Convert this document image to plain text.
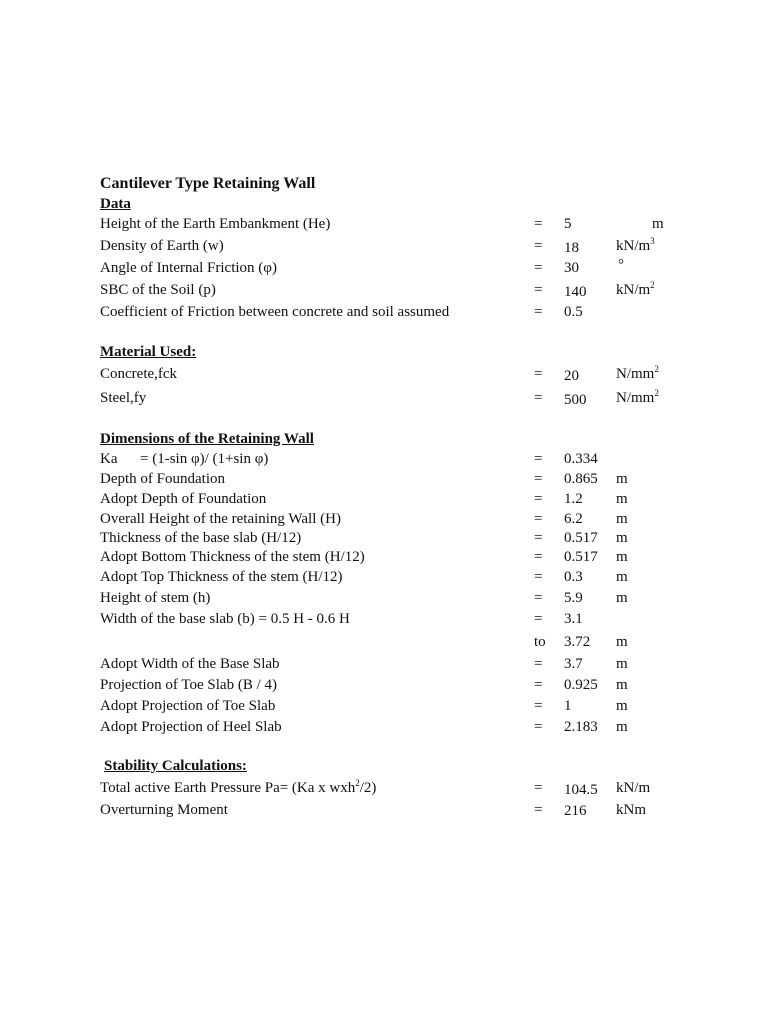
Cantilever Type Retaining Wall
Data
Height of the Earth Embankment (He)	= 5	m
Density of Earth (w)	= 18 $kN/m^3$
Angle of Internal Friction (φ)	= 30	°
SBC of the Soil (p)	= 140 $kN/m^2$
Coefficient of Friction between concrete and soil assumed	= 0.5
Material Used:
Concrete,fck	= 20 $N/mm^2$
Steel,fy	= 500 $N/mm^2$
Dimensions of the Retaining Wall
Ka      = (1-sin φ)/ (1+sin φ)	= 0.334
Depth of Foundation	= 0.865 m
Adopt Depth of Foundation	= 1.2 m
Overall Height of the retaining Wall (H)	= 6.2 m
Thickness of the base slab (H/12)	= 0.517 m
Adopt Bottom Thickness of the stem (H/12)	= 0.517 m
Adopt Top Thickness of the stem (H/12)	= 0.3 m
Height of stem (h)	= 5.9 m
Width of the base slab (b) = 0.5 H - 0.6 H	= 3.1
to 3.72 m
Adopt Width of the Base Slab	= 3.7 m
Projection of Toe Slab (B / 4)	= 0.925 m
Adopt Projection of Toe Slab	= 1	m
Adopt Projection of Heel Slab	= 2.183 m
Stability Calculations:
Total active Earth Pressure Pa= (Ka x wxh$^2$/2)	= 104.5 kN/m
Overturning Moment	= 216 kNm
